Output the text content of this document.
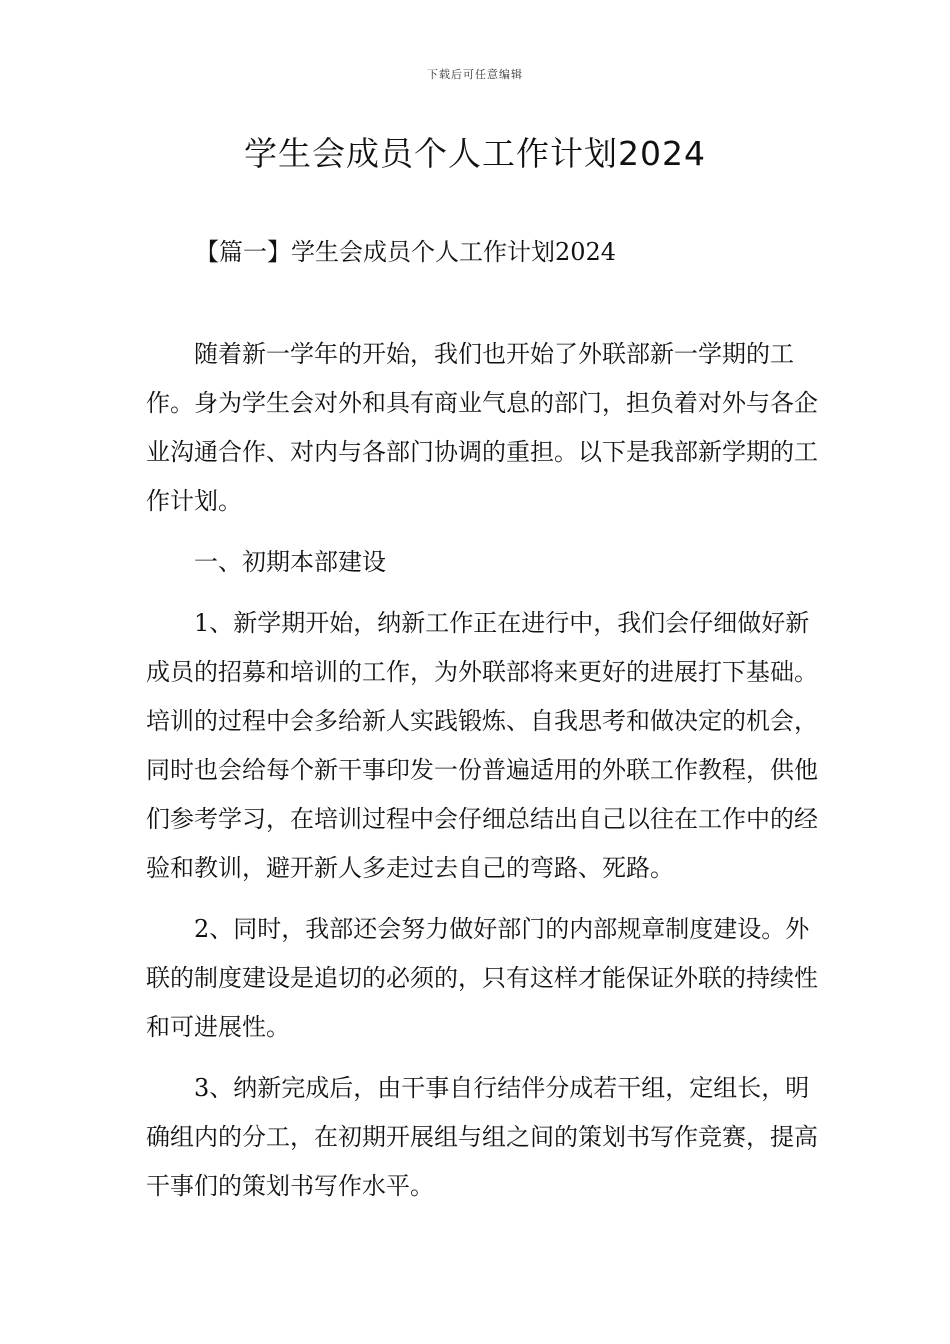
下载后可任意编辑
学生会成员个人工作计划2024
【篇一】学生会成员个人工作计划2024

随着新一学年的开始，我们也开始了外联部新一学期的工作。身为学生会对外和具有商业气息的部门，担负着对外与各企业沟通合作、对内与各部门协调的重担。以下是我部新学期的工作计划。

一、初期本部建设

1、新学期开始，纳新工作正在进行中，我们会仔细做好新成员的招募和培训的工作，为外联部将来更好的进展打下基础。培训的过程中会多给新人实践锻炼、自我思考和做决定的机会，同时也会给每个新干事印发一份普遍适用的外联工作教程，供他们参考学习，在培训过程中会仔细总结出自己以往在工作中的经验和教训，避开新人多走过去自己的弯路、死路。

2、同时，我部还会努力做好部门的内部规章制度建设。外联的制度建设是追切的必须的，只有这样才能保证外联的持续性和可进展性。

3、纳新完成后，由干事自行结伴分成若干组，定组长，明确组内的分工，在初期开展组与组之间的策划书写作竞赛，提高干事们的策划书写作水平。
